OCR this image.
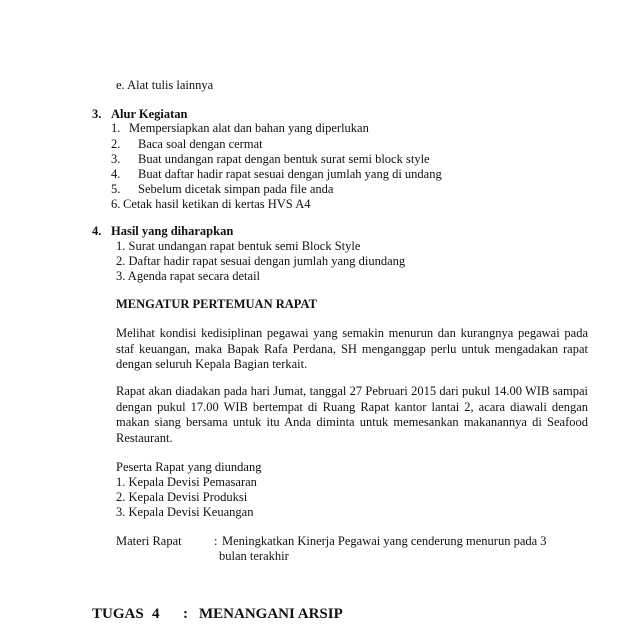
e. Alat tulis lainnya
3. Alur Kegiatan
1. Mempersiapkan alat dan bahan yang diperlukan
2. Baca soal dengan cermat
3. Buat undangan rapat dengan bentuk surat semi block style
4. Buat daftar hadir rapat sesuai dengan jumlah yang di undang
5. Sebelum dicetak simpan pada file anda
6. Cetak hasil ketikan di kertas HVS A4
4. Hasil yang diharapkan
1. Surat undangan rapat bentuk semi Block Style
2. Daftar hadir rapat sesuai dengan jumlah yang diundang
3. Agenda rapat secara detail
MENGATUR PERTEMUAN RAPAT
Melihat kondisi kedisiplinan pegawai yang semakin menurun dan kurangnya pegawai pada staf keuangan, maka Bapak Rafa Perdana, SH menganggap perlu untuk mengadakan rapat dengan seluruh Kepala Bagian terkait.
Rapat akan diadakan pada hari Jumat, tanggal 27 Pebruari 2015 dari pukul 14.00 WIB sampai dengan pukul 17.00 WIB bertempat di Ruang Rapat kantor lantai 2, acara diawali dengan makan siang bersama untuk itu Anda diminta untuk memesankan makanannya di Seafood Restaurant.
Peserta Rapat yang diundang
1. Kepala Devisi Pemasaran
2. Kepala Devisi Produksi
3. Kepala Devisi Keuangan
Materi Rapat	: Meningkatkan Kinerja Pegawai yang cenderung menurun pada 3
bulan terakhir
TUGAS 4 : MENANGANI ARSIP
